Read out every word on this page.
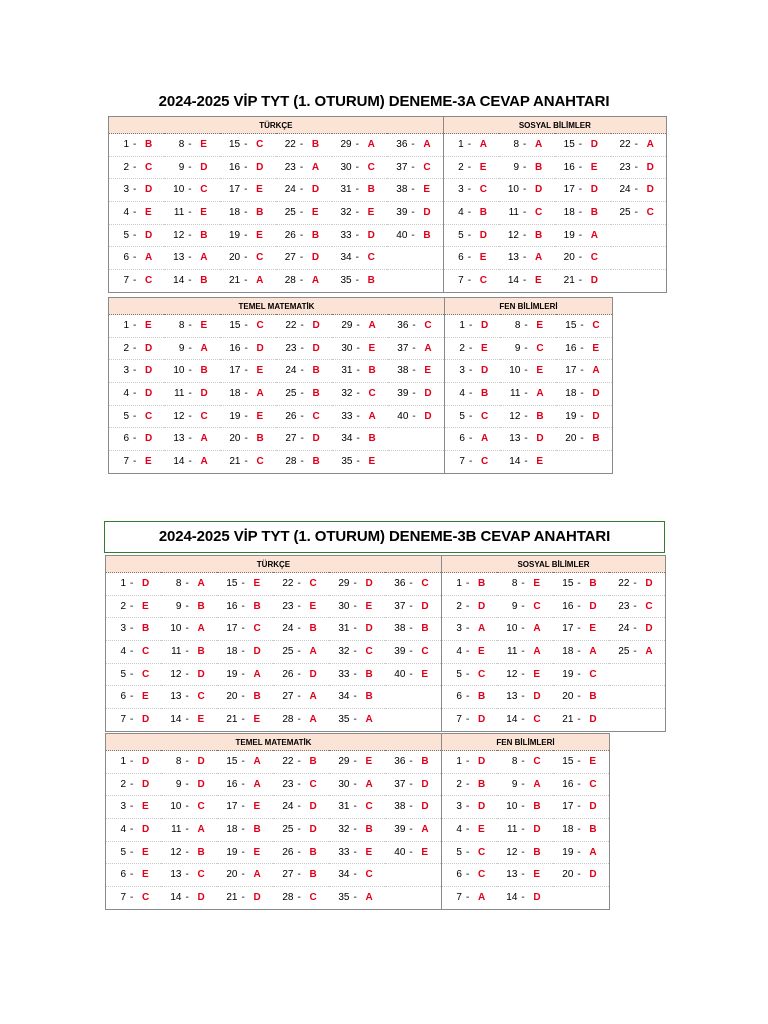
2024-2025 VİP TYT (1. OTURUM) DENEME-3A CEVAP ANAHTARI
TÜRKÇE						SOSYAL BİLİMLER			

1 - B	8 - E	15 - C	22 - B	29 - A	36 - A	1 - A	8 - A	15 - D	22 - A

2 - C	9 - D	16 - D	23 - A	30 - C	37 - C	2 - E	9 - B	16 - E	23 - D

3 - D	10 - C	17 - E	24 - D	31 - B	38 - E	3 - C	10 - D	17 - D	24 - D

4 - E	11 - E	18 - B	25 - E	32 - E	39 - D	4 - B	11 - C	18 - B	25 - C

5 - D	12 - B	19 - E	26 - B	33 - D	40 - B	5 - D	12 - B	19 - A	

6 - A	13 - A	20 - C	27 - D	34 - C		6 - E	13 - A	20 - C	

7 - C	14 - B	21 - A	28 - A	35 - B		7 - C	14 - E	21 - D	

TEMEL MATEMATİK						FEN BİLİMLERİ		

1 - E	8 - E	15 - C	22 - D	29 - A	36 - C	1 - D	8 - E	15 - C

2 - D	9 - A	16 - D	23 - D	30 - E	37 - A	2 - E	9 - C	16 - E

3 - D	10 - B	17 - E	24 - B	31 - B	38 - E	3 - D	10 - E	17 - A

4 - D	11 - D	18 - A	25 - B	32 - C	39 - D	4 - B	11 - A	18 - D

5 - C	12 - C	19 - E	26 - C	33 - A	40 - D	5 - C	12 - B	19 - D

6 - D	13 - A	20 - B	27 - D	34 - B		6 - A	13 - D	20 - B

7 - E	14 - A	21 - C	28 - B	35 - E		7 - C	14 - E	

2024-2025 VİP TYT (1. OTURUM) DENEME-3B CEVAP ANAHTARI
TÜRKÇE						SOSYAL BİLİMLER			

1 - D	8 - A	15 - E	22 - C	29 - D	36 - C	1 - B	8 - E	15 - B	22 - D

2 - E	9 - B	16 - B	23 - E	30 - E	37 - D	2 - D	9 - C	16 - D	23 - C

3 - B	10 - A	17 - C	24 - B	31 - D	38 - B	3 - A	10 - A	17 - E	24 - D

4 - C	11 - B	18 - D	25 - A	32 - C	39 - C	4 - E	11 - A	18 - A	25 - A

5 - C	12 - D	19 - A	26 - D	33 - B	40 - E	5 - C	12 - E	19 - C	

6 - E	13 - C	20 - B	27 - A	34 - B		6 - B	13 - D	20 - B	

7 - D	14 - E	21 - E	28 - A	35 - A		7 - D	14 - C	21 - D	

TEMEL MATEMATİK						FEN BİLİMLERİ		

1 - D	8 - D	15 - A	22 - B	29 - E	36 - B	1 - D	8 - C	15 - E

2 - D	9 - D	16 - A	23 - C	30 - A	37 - D	2 - B	9 - A	16 - C

3 - E	10 - C	17 - E	24 - D	31 - C	38 - D	3 - D	10 - B	17 - D

4 - D	11 - A	18 - B	25 - D	32 - B	39 - A	4 - E	11 - D	18 - B

5 - E	12 - B	19 - E	26 - B	33 - E	40 - E	5 - C	12 - B	19 - A

6 - E	13 - C	20 - A	27 - B	34 - C		6 - C	13 - E	20 - D

7 - C	14 - D	21 - D	28 - C	35 - A		7 - A	14 - D	
